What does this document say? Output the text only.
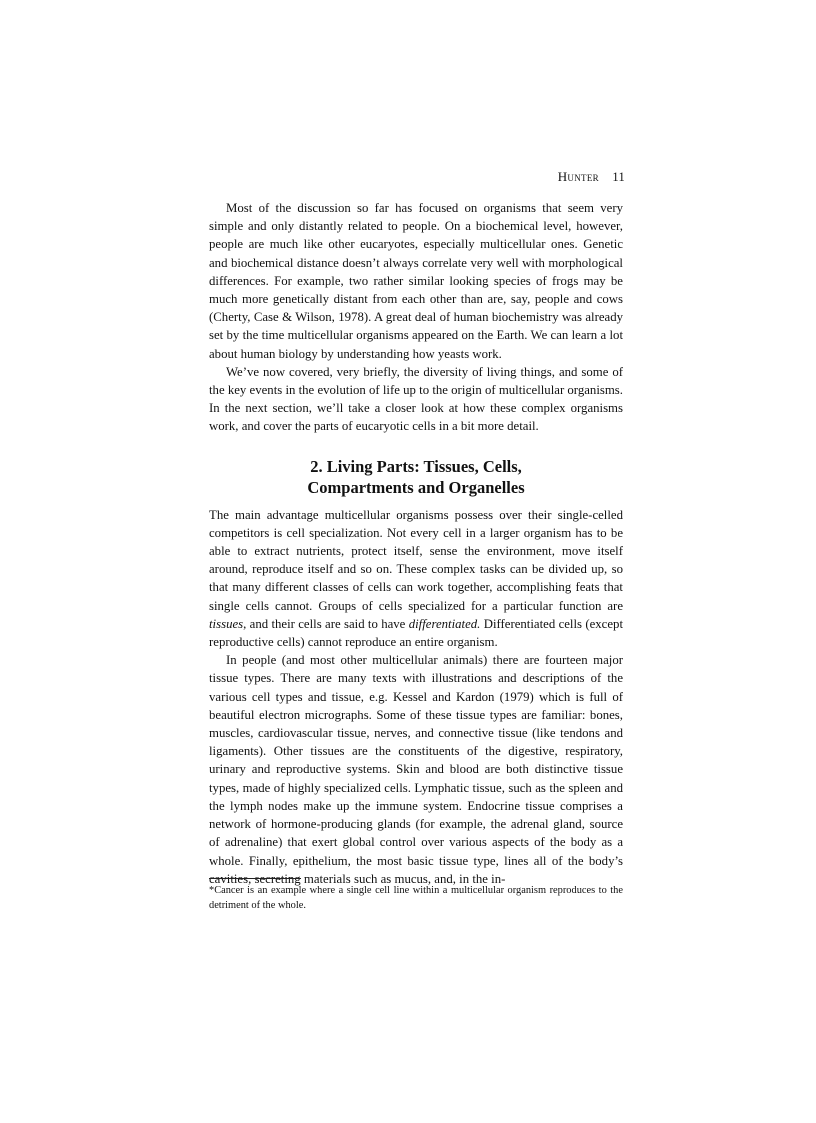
Hunter 11

Most of the discussion so far has focused on organisms that seem very simple and only distantly related to people. On a biochemical level, however, people are much like other eucaryotes, especially multicellular ones. Genetic and biochemical distance doesn’t always correlate very well with morphological differences. For example, two rather similar looking species of frogs may be much more genetically distant from each other than are, say, people and cows (Cherty, Case & Wilson, 1978). A great deal of human biochemistry was already set by the time multicellular organisms appeared on the Earth. We can learn a lot about human biology by understanding how yeasts work.

We’ve now covered, very briefly, the diversity of living things, and some of the key events in the evolution of life up to the origin of multicellular organisms. In the next section, we’ll take a closer look at how these complex organisms work, and cover the parts of eucaryotic cells in a bit more detail.

2. Living Parts: Tissues, Cells,
Compartments and Organelles

The main advantage multicellular organisms possess over their single-celled competitors is cell specialization. Not every cell in a larger organism has to be able to extract nutrients, protect itself, sense the environment, move itself around, reproduce itself and so on. These complex tasks can be divided up, so that many different classes of cells can work together, accomplishing feats that single cells cannot. Groups of cells specialized for a particular function are tissues, and their cells are said to have differentiated. Differentiated cells (except reproductive cells) cannot reproduce an entire organism.

In people (and most other multicellular animals) there are fourteen major tissue types. There are many texts with illustrations and descriptions of the various cell types and tissue, e.g. Kessel and Kardon (1979) which is full of beautiful electron micrographs. Some of these tissue types are familiar: bones, muscles, cardiovascular tissue, nerves, and connective tissue (like tendons and ligaments). Other tissues are the constituents of the digestive, respiratory, urinary and reproductive systems. Skin and blood are both distinctive tissue types, made of highly specialized cells. Lymphatic tissue, such as the spleen and the lymph nodes make up the immune system. Endocrine tissue comprises a network of hormone-producing glands (for example, the adrenal gland, source of adrenaline) that exert global control over various aspects of the body as a whole. Finally, epithelium, the most basic tissue type, lines all of the body’s cavities, secreting materials such as mucus, and, in the in-

*Cancer is an example where a single cell line within a multicellular organism reproduces to the detriment of the whole.
